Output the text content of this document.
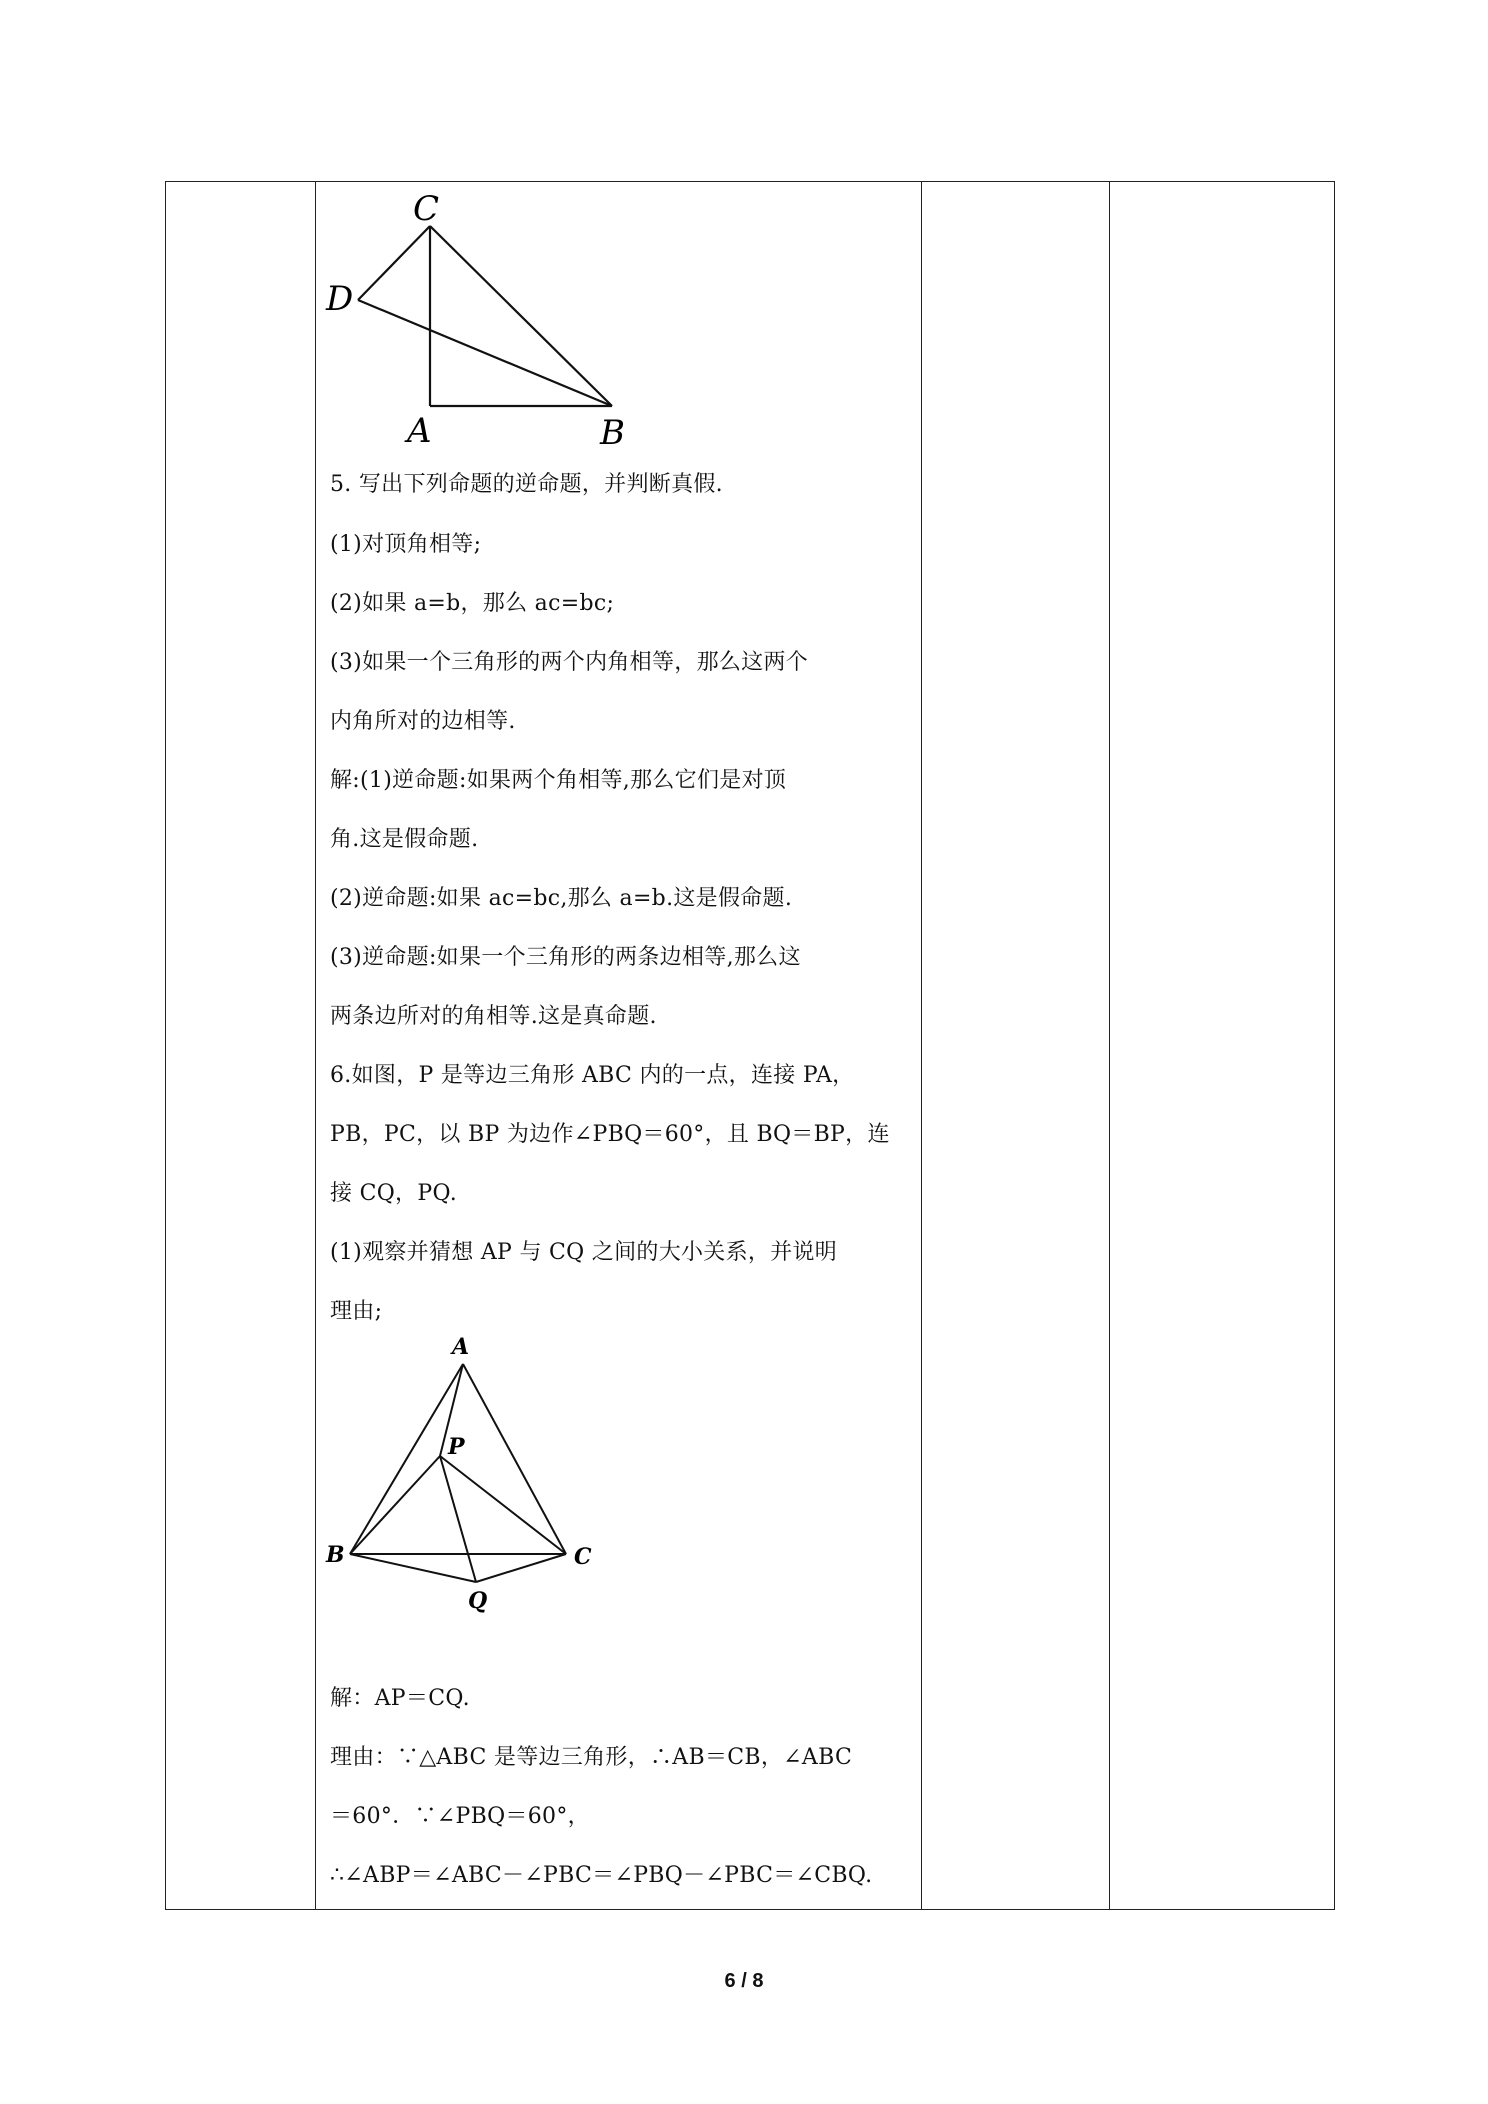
C
D
A	B
5. 写出下列命题的逆命题，并判断真假.
(1)对顶角相等;
(2)如果 a=b，那么 ac=bc;
(3)如果一个三角形的两个内角相等，那么这两个
内角所对的边相等.
解:(1)逆命题:如果两个角相等,那么它们是对顶
角.这是假命题.
(2)逆命题:如果 ac=bc,那么 a=b.这是假命题.
(3)逆命题:如果一个三角形的两条边相等,那么这
两条边所对的角相等.这是真命题.
6.如图，P 是等边三角形 ABC 内的一点，连接 PA，
PB，PC，以 BP 为边作∠PBQ＝60°，且 BQ＝BP，连
接 CQ，PQ.
(1)观察并猜想 AP 与 CQ 之间的大小关系，并说明
理由;
解：AP＝CQ.
理由：∵△ABC 是等边三角形，∴AB＝CB，∠ABC
＝60°．∵∠PBQ＝60°，
∴∠ABP＝∠ABC－∠PBC＝∠PBQ－∠PBC＝∠CBQ.
A
P
B	C
Q
6 / 8
